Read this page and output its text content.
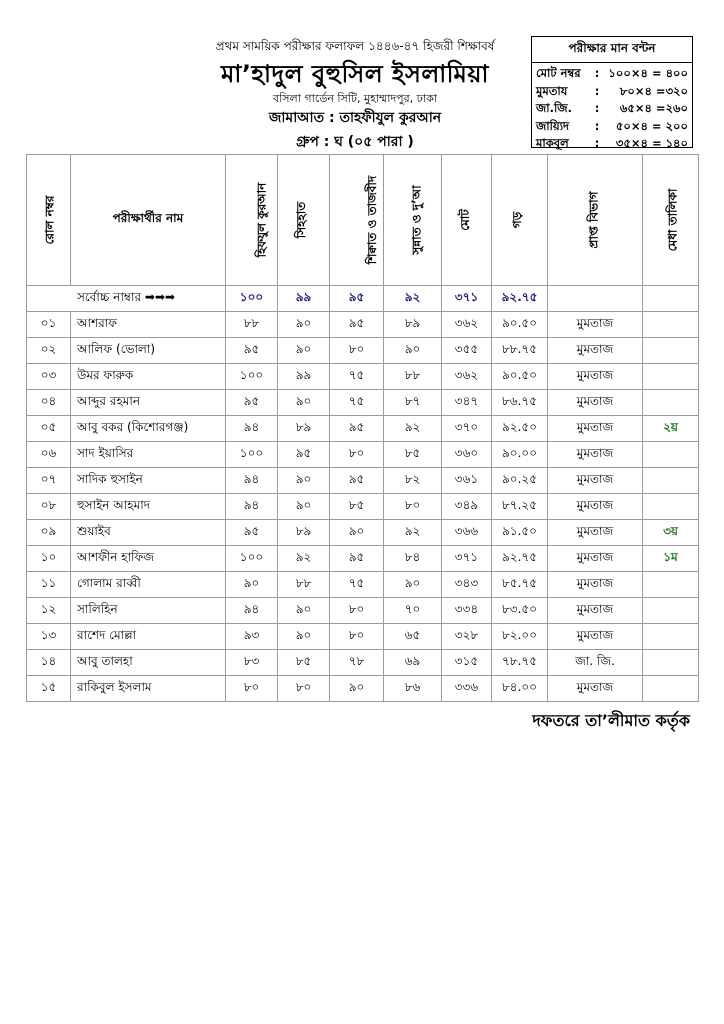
প্রথম সাময়িক পরীক্ষার ফলাফল ১৪৪৬-৪৭ হিজরী শিক্ষাবর্ষ
মা’হাদুল বুহুসিল ইসলামিয়া
বসিলা গার্ডেন সিটি, মুহাম্মাদপুর, ঢাকা
জামাআত : তাহফীযুল কুরআন
গ্রুপ : ঘ (০৫ পারা )
পরীক্ষার মান বন্টন
মোট নম্বর	: ১০০×৪ = ৪০০
মুমতায	:	৮০×৪ =৩২০
জা.জি.	:	৬৫×৪ =২৬০
জায়্যিদ	:	৫০×৪ = ২০০
মাকবূল	:	৩৫×৪ = ১৪০
রোল নম্বর	পরীক্ষার্থীর নাম	হিফযুল কুরআন	সিহহাত	শিক্বাত ও তাজবীদ	সুন্নাত ও দু’আ	মোট	গড়	প্রাপ্ত বিভাগ	মেধা তালিকা
সর্বোচ্চ নাম্বার ➡➡➡		১০০	৯৯	৯৫	৯২	৩৭১	৯২.৭৫		
০১	আশরাফ	৮৮	৯০	৯৫	৮৯	৩৬২	৯০.৫০	মুমতাজ	
০২	আলিফ (ভোলা)	৯৫	৯০	৮০	৯০	৩৫৫	৮৮.৭৫	মুমতাজ	
০৩	উমর ফারুক	১০০	৯৯	৭৫	৮৮	৩৬২	৯০.৫০	মুমতাজ	
০৪	আব্দুর রহমান	৯৫	৯০	৭৫	৮৭	৩৪৭	৮৬.৭৫	মুমতাজ	
০৫	আবু বকর (কিশোরগঞ্জ)	৯৪	৮৯	৯৫	৯২	৩৭০	৯২.৫০	মুমতাজ	২য়
০৬	সাদ ইয়াসির	১০০	৯৫	৮০	৮৫	৩৬০	৯০.০০	মুমতাজ	
০৭	সাদিক হুসাইন	৯৪	৯০	৯৫	৮২	৩৬১	৯০.২৫	মুমতাজ	
০৮	হুসাইন আহমাদ	৯৪	৯০	৮৫	৮০	৩৪৯	৮৭.২৫	মুমতাজ	
০৯	শুয়াইব	৯৫	৮৯	৯০	৯২	৩৬৬	৯১.৫০	মুমতাজ	৩য়
১০	আশফীন হাফিজ	১০০	৯২	৯৫	৮৪	৩৭১	৯২.৭৫	মুমতাজ	১ম
১১	গোলাম রাব্বী	৯০	৮৮	৭৫	৯০	৩৪৩	৮৫.৭৫	মুমতাজ	
১২	সালিহিন	৯৪	৯০	৮০	৭০	৩৩৪	৮৩.৫০	মুমতাজ	
১৩	রাশেদ মোল্লা	৯৩	৯০	৮০	৬৫	৩২৮	৮২.০০	মুমতাজ	
১৪	আবু তালহা	৮৩	৮৫	৭৮	৬৯	৩১৫	৭৮.৭৫	জা. জি.	
১৫	রাকিবুল ইসলাম	৮০	৮০	৯০	৮৬	৩৩৬	৮৪.০০	মুমতাজ	
দফতরে তা’লীমাত কর্তৃক
